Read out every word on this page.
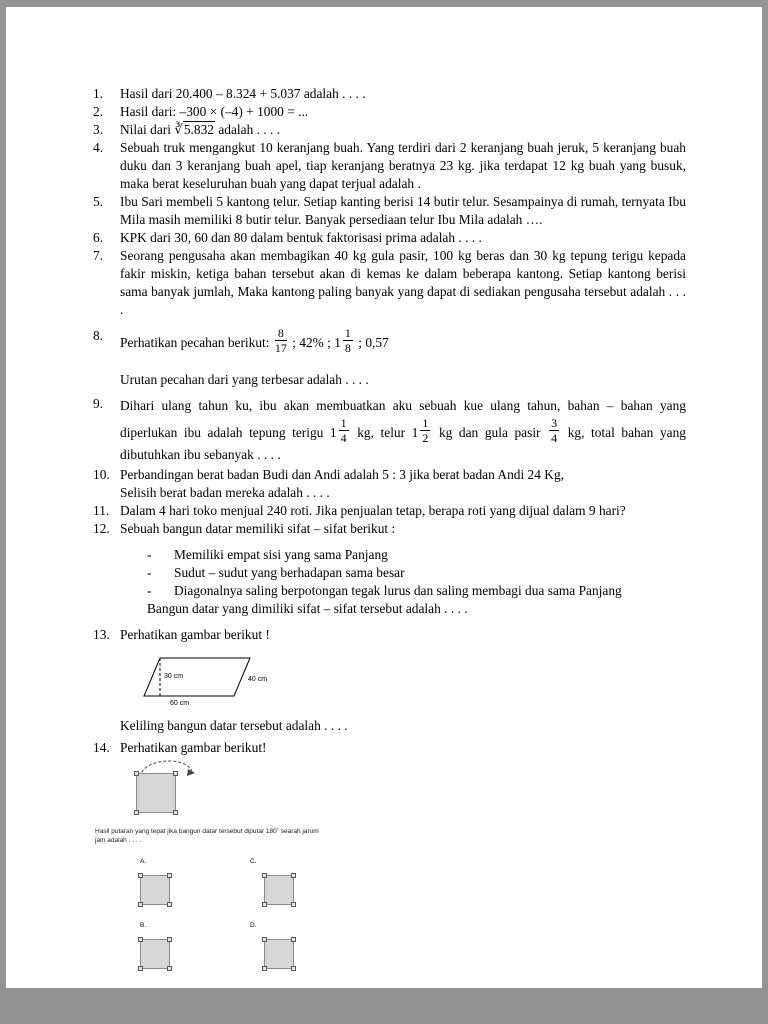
1.	Hasil dari 20.400 – 8.324 + 5.037 adalah . . . .
2.	Hasil dari: –300 × (–4) + 1000 = ...
3.	Nilai dari ∛5.832 adalah . . . .
4.	Sebuah truk mengangkut 10 keranjang buah. Yang terdiri dari 2 keranjang buah jeruk, 5 keranjang buah duku dan 3 keranjang buah apel, tiap keranjang beratnya 23 kg. jika terdapat 12 kg buah yang busuk, maka berat keseluruhan buah yang dapat terjual adalah .
5.	Ibu Sari membeli 5 kantong telur. Setiap kanting berisi 14 butir telur. Sesampainya di rumah, ternyata Ibu Mila masih memiliki 8 butir telur. Banyak persediaan telur Ibu Mila adalah ….
6.	KPK dari 30, 60 dan 80 dalam bentuk faktorisasi prima adalah . . . .
7.	Seorang pengusaha akan membagikan 40 kg gula pasir, 100 kg beras dan 30 kg tepung terigu kepada fakir miskin, ketiga bahan tersebut akan di kemas ke dalam beberapa kantong. Setiap kantong berisi sama banyak jumlah, Maka kantong paling banyak yang dapat di sediakan pengusaha tersebut adalah . . . .
8.	Perhatikan pecahan berikut: $\frac{8}{17}$ ; 42% ; $1 \frac{1}{8}$ ; 0,57
Urutan pecahan dari yang terbesar adalah . . . .
9.	Dihari ulang tahun ku, ibu akan membuatkan aku sebuah kue ulang tahun, bahan – bahan yang diperlukan ibu adalah tepung terigu $1 \frac{1}{4}$ kg, telur $1 \frac{1}{2}$ kg dan gula pasir $\frac{3}{4}$ kg, total bahan yang dibutuhkan ibu sebanyak . . . .
10. Perbandingan berat badan Budi dan Andi adalah 5 : 3 jika berat badan Andi 24 Kg,
Selisih berat badan mereka adalah . . . .
11. Dalam 4 hari toko menjual 240 roti. Jika penjualan tetap, berapa roti yang dijual dalam 9 hari?
12. Sebuah bangun datar memiliki sifat – sifat berikut :
-	Memiliki empat sisi yang sama Panjang
-	Sudut – sudut yang berhadapan sama besar
-	Diagonalnya saling berpotongan tegak lurus dan saling membagi dua sama Panjang
Bangun datar yang dimiliki sifat – sifat tersebut adalah . . . .
13. Perhatikan gambar berikut !
30 cm	40 cm
60 cm
Keliling bangun datar tersebut adalah . . . .
14. Perhatikan gambar berikut!
Hasil putaran yang tepat jika bangun datar tersebut diputar 180˚ searah jarum
jam adalah . . . .
A.	C.
B.	D.
